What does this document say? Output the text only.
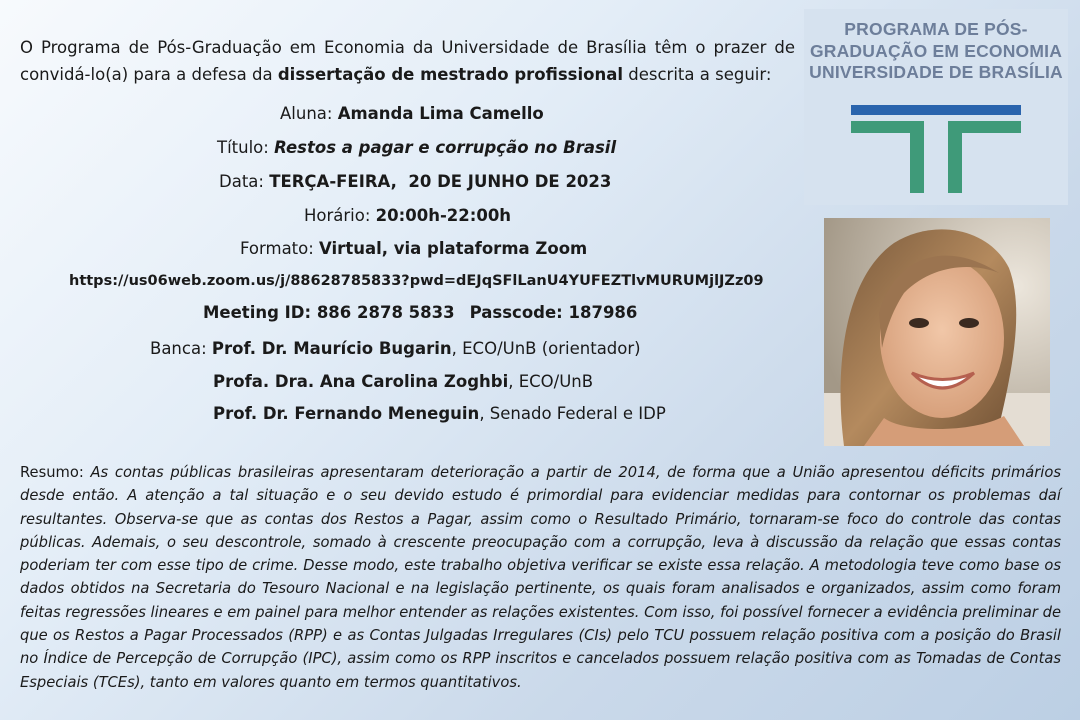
O Programa de Pós-Graduação em Economia da Universidade de Brasília têm o prazer de convidá-lo(a) para a defesa da dissertação de mestrado profissional descrita a seguir:
Aluna: Amanda Lima Camello
Título: Restos a pagar e corrupção no Brasil
Data: TERÇA-FEIRA,  20 DE JUNHO DE 2023
Horário: 20:00h-22:00h
Formato: Virtual, via plataforma Zoom
https://us06web.zoom.us/j/88628785833?pwd=dEJqSFlLanU4YUFEZTlvMURUMjlJZz09
Meeting ID: 886 2878 5833 Passcode: 187986
Banca: Prof. Dr. Maurício Bugarin, ECO/UnB (orientador)
Profa. Dra. Ana Carolina Zoghbi, ECO/UnB
Prof. Dr. Fernando Meneguin, Senado Federal e IDP
PROGRAMA DE PÓS-
GRADUAÇÃO EM ECONOMIA
UNIVERSIDADE DE BRASÍLIA
Resumo: As contas públicas brasileiras apresentaram deterioração a partir de 2014, de forma que a União apresentou déficits primários desde então. A atenção a tal situação e o seu devido estudo é primordial para evidenciar medidas para contornar os problemas daí resultantes. Observa-se que as contas dos Restos a Pagar, assim como o Resultado Primário, tornaram-se foco do controle das contas públicas. Ademais, o seu descontrole, somado à crescente preocupação com a corrupção, leva à discussão da relação que essas contas poderiam ter com esse tipo de crime. Desse modo, este trabalho objetiva verificar se existe essa relação. A metodologia teve como base os dados obtidos na Secretaria do Tesouro Nacional e na legislação pertinente, os quais foram analisados e organizados, assim como foram feitas regressões lineares e em painel para melhor entender as relações existentes. Com isso, foi possível fornecer a evidência preliminar de que os Restos a Pagar Processados (RPP) e as Contas Julgadas Irregulares (CIs) pelo TCU possuem relação positiva com a posição do Brasil no Índice de Percepção de Corrupção (IPC), assim como os RPP inscritos e cancelados possuem relação positiva com as Tomadas de Contas Especiais (TCEs), tanto em valores quanto em termos quantitativos.
